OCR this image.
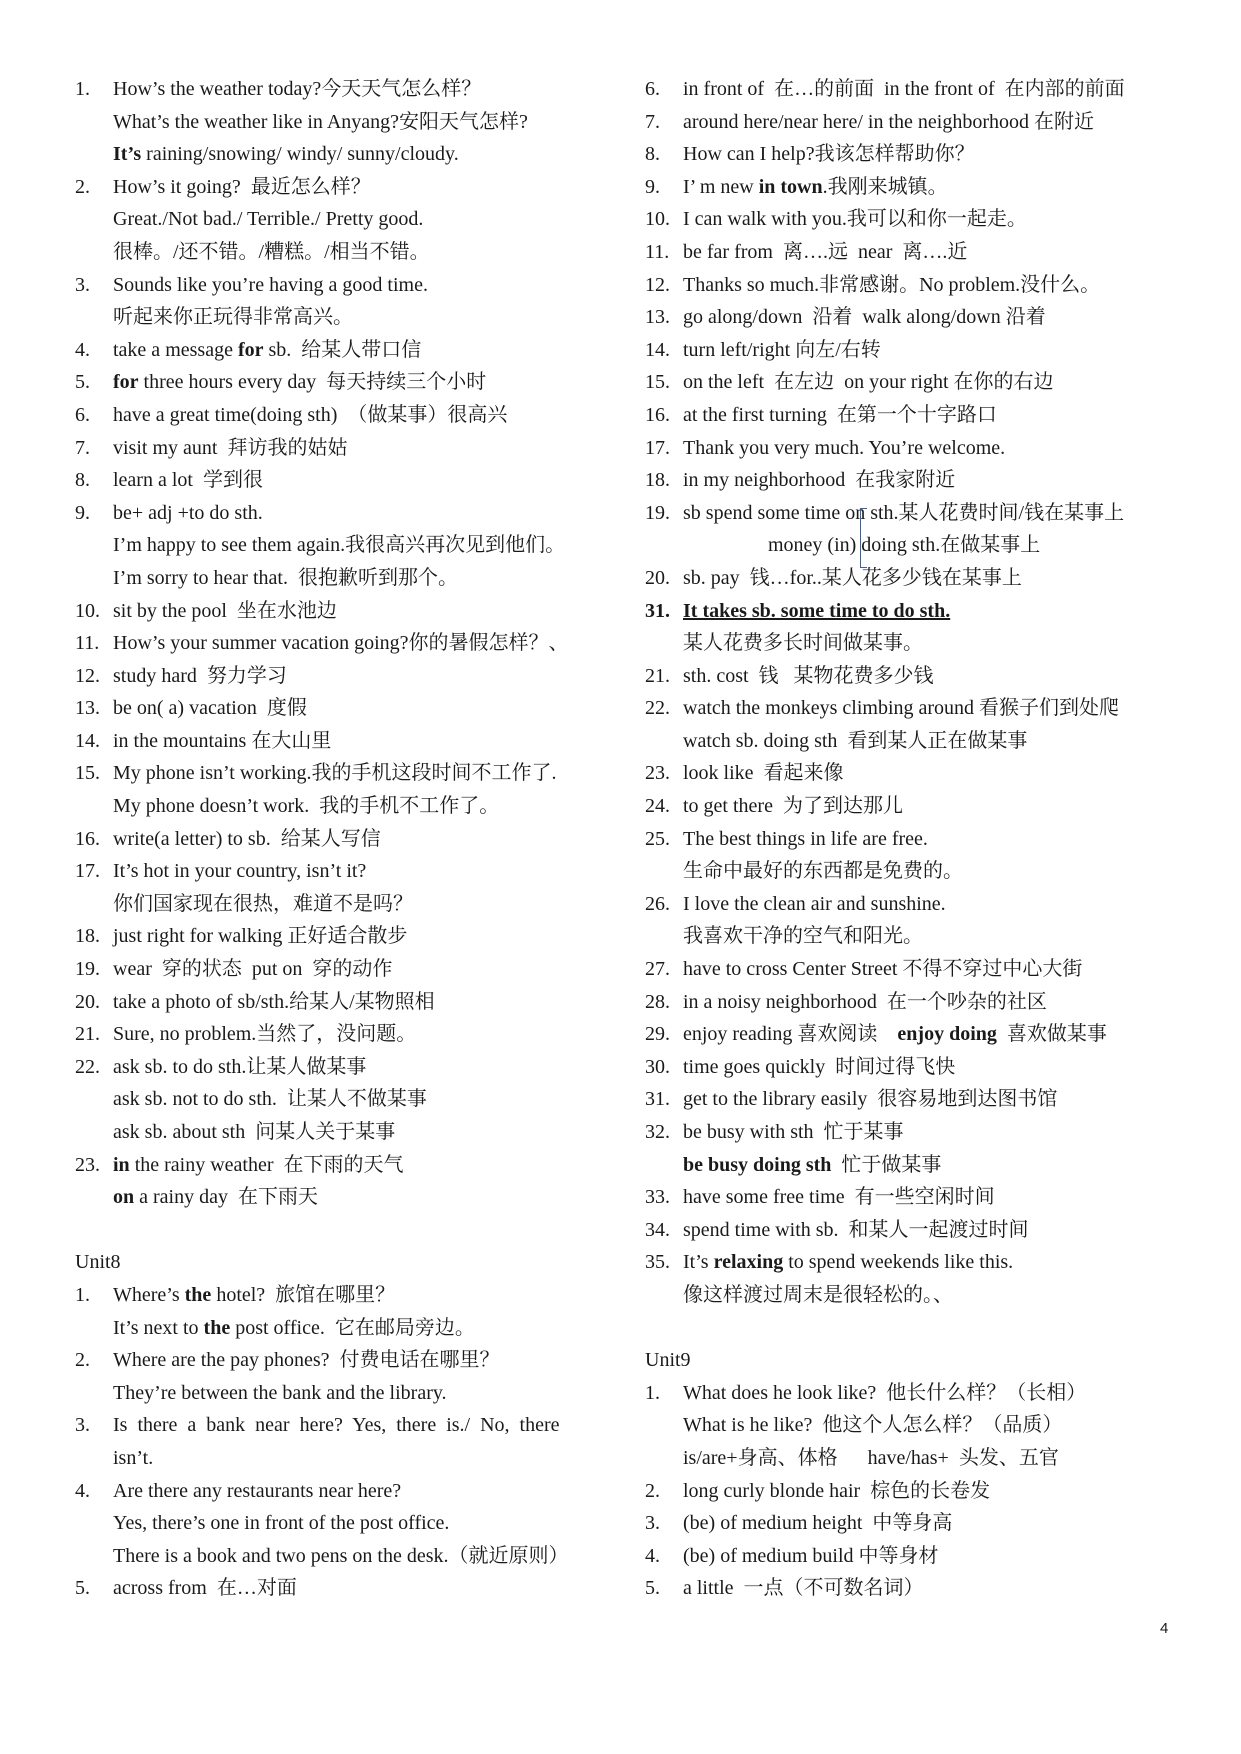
1. How’s the weather today?今天天气怎么样？
What’s the weather like in Anyang?安阳天气怎样?
It’s raining/snowing/ windy/ sunny/cloudy.
2. How’s it going?  最近怎么样？
Great./Not bad./ Terrible./ Pretty good.
很棒。/还不错。/糟糕。/相当不错。
3. Sounds like you’re having a good time.
听起来你正玩得非常高兴。
4. take a message for sb.  给某人带口信
5. for three hours every day  每天持续三个小时
6. have a great time(doing sth)  （做某事）很高兴
7. visit my aunt  拜访我的姑姑
8. learn a lot  学到很
9. be+ adj +to do sth.
I’m happy to see them again.我很高兴再次见到他们。
I’m sorry to hear that.  很抱歉听到那个。
10. sit by the pool  坐在水池边
11. How’s your summer vacation going?你的暑假怎样？、
12. study hard  努力学习
13. be on( a) vacation  度假
14. in the mountains 在大山里
15. My phone isn’t working.我的手机这段时间不工作了.
My phone doesn’t work.  我的手机不工作了。
16. write(a letter) to sb.  给某人写信
17. It’s hot in your country, isn’t it?
你们国家现在很热，难道不是吗？
18. just right for walking 正好适合散步
19. wear  穿的状态  put on  穿的动作
20. take a photo of sb/sth.给某人/某物照相
21. Sure, no problem.当然了，没问题。
22. ask sb. to do sth.让某人做某事
ask sb. not to do sth.  让某人不做某事
ask sb. about sth  问某人关于某事
23. in the rainy weather  在下雨的天气
on a rainy day  在下雨天
Unit8
1. Where’s the hotel?  旅馆在哪里？
It’s next to the post office.  它在邮局旁边。
2. Where are the pay phones?  付费电话在哪里？
They’re between the bank and the library.
3. Is  there  a  bank  near  here?  Yes,  there  is./  No,  there
isn’t.
4. Are there any restaurants near here?
Yes, there’s one in front of the post office.
There is a book and two pens on the desk.（就近原则）
5. across from  在…对面
6. in front of  在…的前面  in the front of  在内部的前面
7. around here/near here/ in the neighborhood 在附近
8. How can I help?我该怎样帮助你？
9. I’ m new in town.我刚来城镇。
10. I can walk with you.我可以和你一起走。
11. be far from  离….远  near  离….近
12. Thanks so much.非常感谢。No problem.没什么。
13. go along/down  沿着  walk along/down 沿着
14. turn left/right 向左/右转
15. on the left  在左边  on your right 在你的右边
16. at the first turning  在第一个十字路口
17. Thank you very much. You’re welcome.
18. in my neighborhood  在我家附近
19. sb spend some time on sth.某人花费时间/钱在某事上
money (in) doing sth.在做某事上
20. sb. pay  钱…for..某人花多少钱在某事上
31. It takes sb. some time to do sth.
某人花费多长时间做某事。
21. sth. cost  钱   某物花费多少钱
22. watch the monkeys climbing around 看猴子们到处爬
watch sb. doing sth  看到某人正在做某事
23. look like  看起来像
24. to get there  为了到达那儿
25. The best things in life are free.
生命中最好的东西都是免费的。
26. I love the clean air and sunshine.
我喜欢干净的空气和阳光。
27. have to cross Center Street 不得不穿过中心大街
28. in a noisy neighborhood  在一个吵杂的社区
29. enjoy reading 喜欢阅读    enjoy doing  喜欢做某事
30. time goes quickly  时间过得飞快
31. get to the library easily  很容易地到达图书馆
32. be busy with sth  忙于某事
be busy doing sth  忙于做某事
33. have some free time  有一些空闲时间
34. spend time with sb.  和某人一起渡过时间
35. It’s relaxing to spend weekends like this.
像这样渡过周末是很轻松的。、
Unit9
1. What does he look like?  他长什么样？（长相）
What is he like?  他这个人怎么样？（品质）
is/are+身高、体格      have/has+  头发、五官
2. long curly blonde hair  棕色的长卷发
3. (be) of medium height  中等身高
4. (be) of medium build 中等身材
5. a little  一点（不可数名词）
4
